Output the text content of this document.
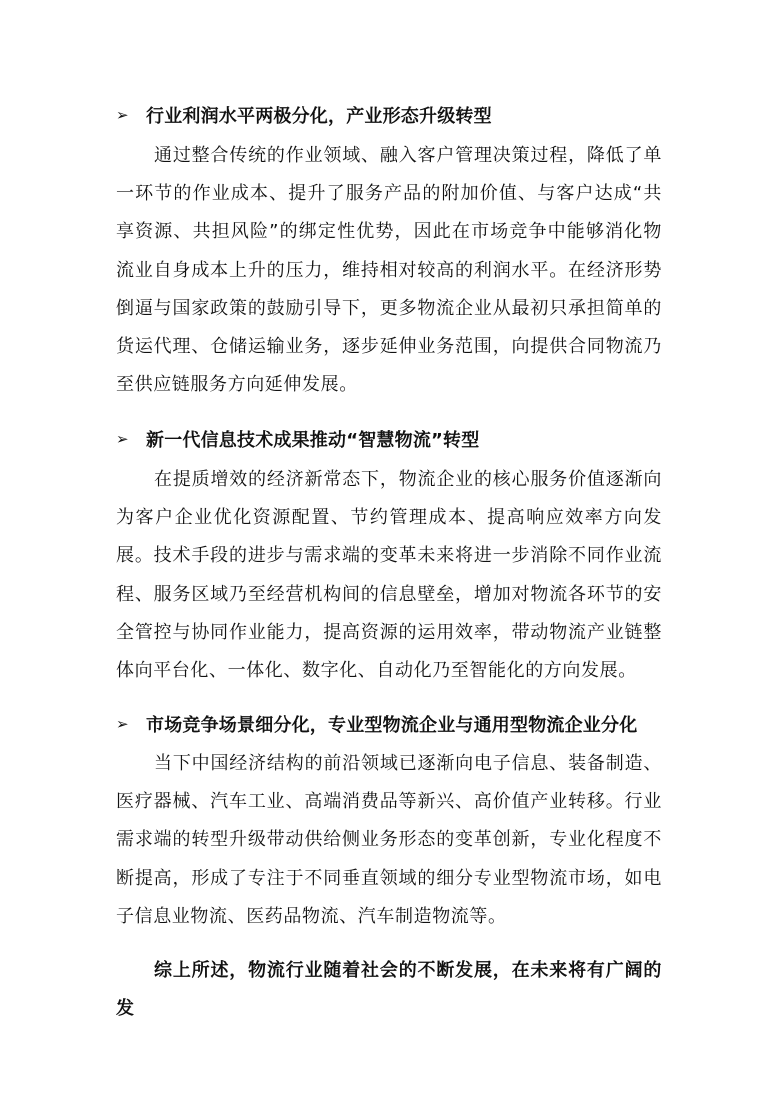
➢ 行业利润水平两极分化，产业形态升级转型

通过整合传统的作业领域、融入客户管理决策过程，降低了单一环节的作业成本、提升了服务产品的附加价值、与客户达成“共享资源、共担风险”的绑定性优势，因此在市场竞争中能够消化物流业自身成本上升的压力，维持相对较高的利润水平。在经济形势倒逼与国家政策的鼓励引导下，更多物流企业从最初只承担简单的货运代理、仓储运输业务，逐步延伸业务范围，向提供合同物流乃至供应链服务方向延伸发展。

➢ 新一代信息技术成果推动“智慧物流”转型

在提质增效的经济新常态下，物流企业的核心服务价值逐渐向为客户企业优化资源配置、节约管理成本、提高响应效率方向发展。技术手段的进步与需求端的变革未来将进一步消除不同作业流程、服务区域乃至经营机构间的信息壁垒，增加对物流各环节的安全管控与协同作业能力，提高资源的运用效率，带动物流产业链整体向平台化、一体化、数字化、自动化乃至智能化的方向发展。

➢ 市场竞争场景细分化，专业型物流企业与通用型物流企业分化

当下中国经济结构的前沿领域已逐渐向电子信息、装备制造、医疗器械、汽车工业、高端消费品等新兴、高价值产业转移。行业需求端的转型升级带动供给侧业务形态的变革创新，专业化程度不断提高，形成了专注于不同垂直领域的细分专业型物流市场，如电子信息业物流、医药品物流、汽车制造物流等。

综上所述，物流行业随着社会的不断发展，在未来将有广阔的发
